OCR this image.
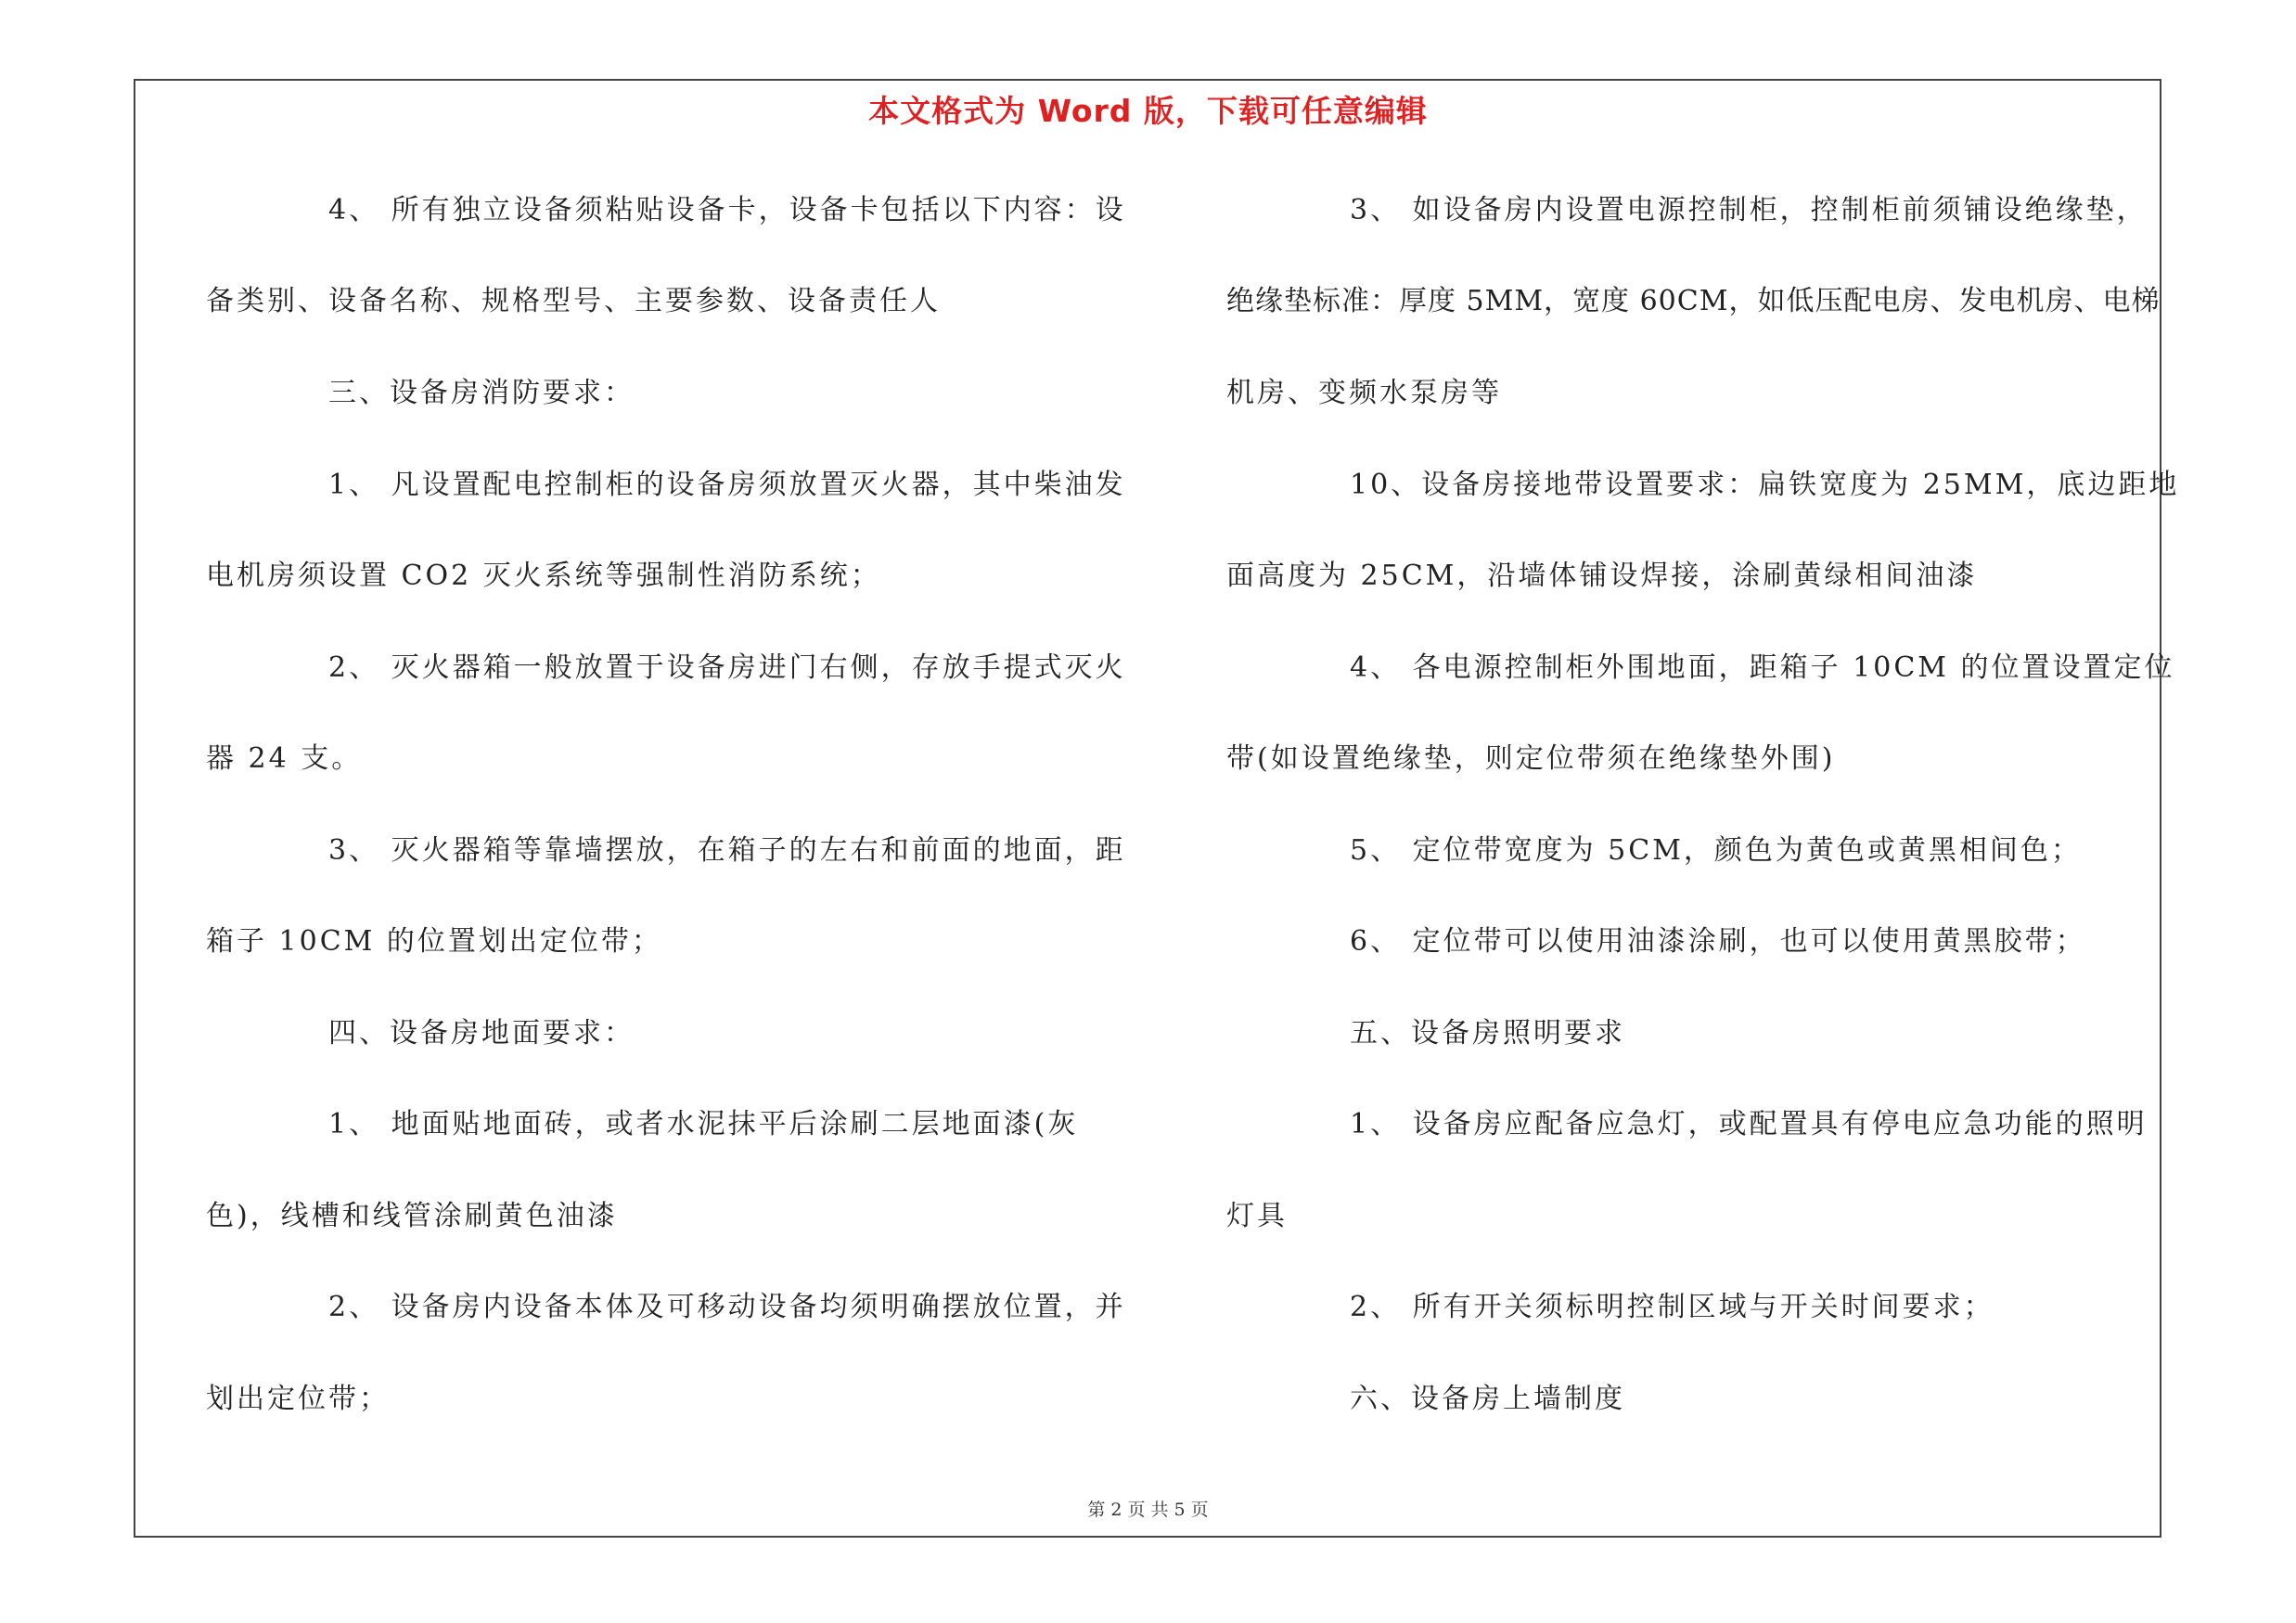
本文格式为 Word 版，下载可任意编辑
4、 所有独立设备须粘贴设备卡，设备卡包括以下内容：设
备类别、设备名称、规格型号、主要参数、设备责任人
三、设备房消防要求：
1、 凡设置配电控制柜的设备房须放置灭火器，其中柴油发
电机房须设置 CO2 灭火系统等强制性消防系统；
2、 灭火器箱一般放置于设备房进门右侧，存放手提式灭火
器 24 支。
3、 灭火器箱等靠墙摆放，在箱子的左右和前面的地面，距
箱子 10CM 的位置划出定位带；
四、设备房地面要求：
1、 地面贴地面砖，或者水泥抹平后涂刷二层地面漆(灰
色)，线槽和线管涂刷黄色油漆
2、 设备房内设备本体及可移动设备均须明确摆放位置，并
划出定位带；
3、 如设备房内设置电源控制柜，控制柜前须铺设绝缘垫，
绝缘垫标准：厚度 5MM，宽度 60CM，如低压配电房、发电机房、电梯
机房、变频水泵房等
10、设备房接地带设置要求：扁铁宽度为 25MM，底边距地
面高度为 25CM，沿墙体铺设焊接，涂刷黄绿相间油漆
4、 各电源控制柜外围地面，距箱子 10CM 的位置设置定位
带(如设置绝缘垫，则定位带须在绝缘垫外围)
5、 定位带宽度为 5CM，颜色为黄色或黄黑相间色；
6、 定位带可以使用油漆涂刷，也可以使用黄黑胶带；
五、设备房照明要求
1、 设备房应配备应急灯，或配置具有停电应急功能的照明
灯具
2、 所有开关须标明控制区域与开关时间要求；
六、设备房上墙制度
第 2 页 共 5 页
